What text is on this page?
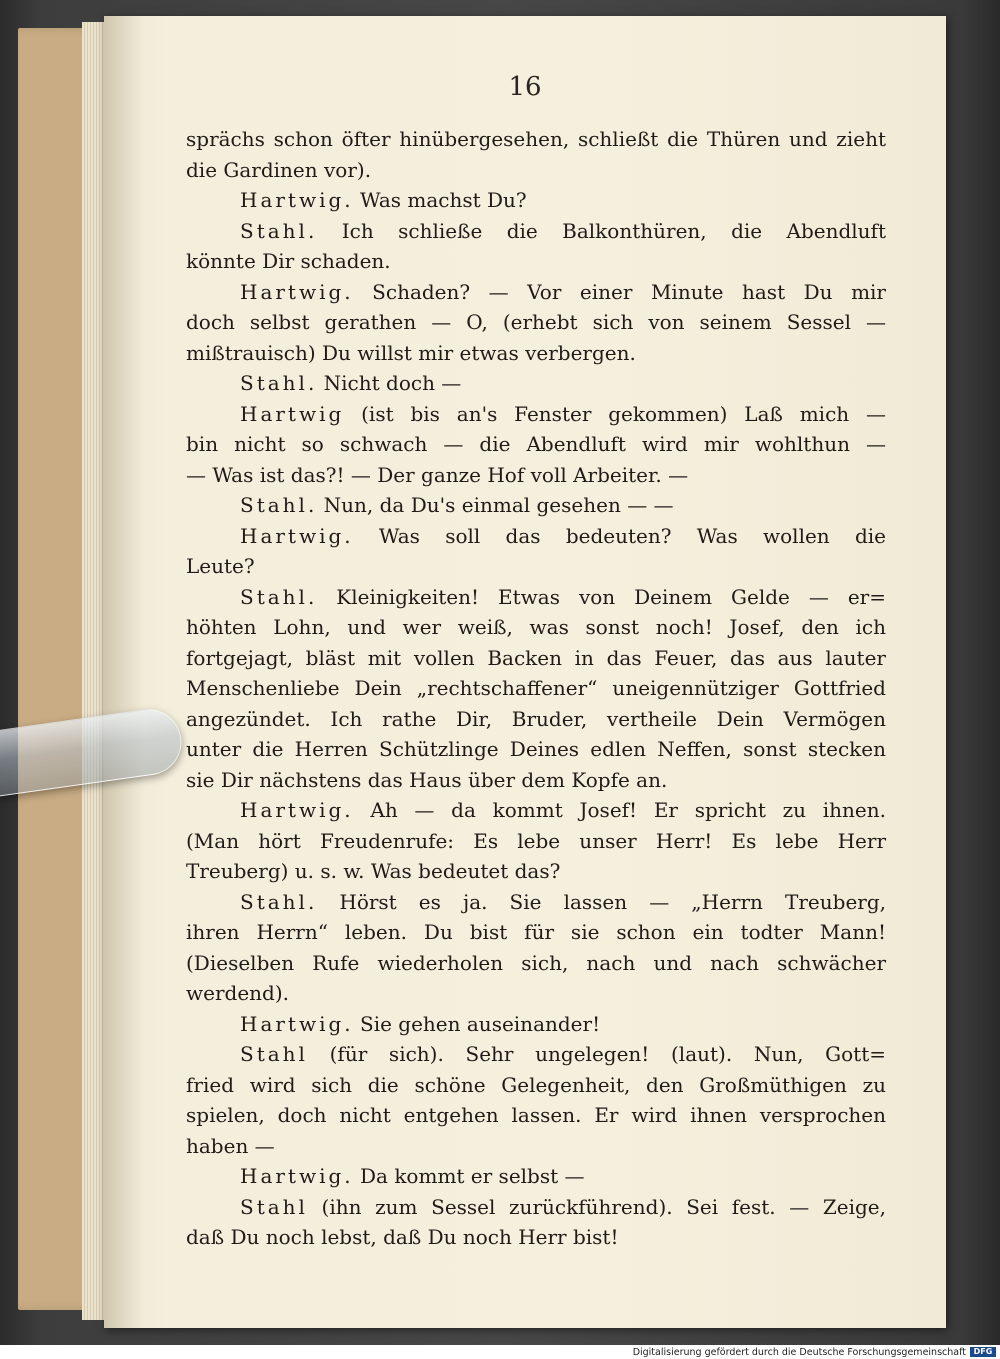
16
sprächs schon öfter hinübergesehen, schließt die Thüren und zieht
die Gardinen vor).
Hartwig. Was machst Du?
Stahl. Ich schließe die Balkonthüren, die Abendluft
könnte Dir schaden.
Hartwig. Schaden? — Vor einer Minute hast Du mir
doch selbst gerathen — O, (erhebt sich von seinem Sessel —
mißtrauisch) Du willst mir etwas verbergen.
Stahl. Nicht doch —
Hartwig (ist bis an's Fenster gekommen) Laß mich —
bin nicht so schwach — die Abendluft wird mir wohlthun —
— Was ist das?! — Der ganze Hof voll Arbeiter. —
Stahl. Nun, da Du's einmal gesehen — —
Hartwig. Was soll das bedeuten? Was wollen die
Leute?
Stahl. Kleinigkeiten! Etwas von Deinem Gelde — er=
höhten Lohn, und wer weiß, was sonst noch! Josef, den ich
fortgejagt, bläst mit vollen Backen in das Feuer, das aus lauter
Menschenliebe Dein „rechtschaffener“ uneigennütziger Gottfried
angezündet. Ich rathe Dir, Bruder, vertheile Dein Vermögen
unter die Herren Schützlinge Deines edlen Neffen, sonst stecken
sie Dir nächstens das Haus über dem Kopfe an.
Hartwig. Ah — da kommt Josef! Er spricht zu ihnen.
(Man hört Freudenrufe: Es lebe unser Herr! Es lebe Herr
Treuberg) u. s. w. Was bedeutet das?
Stahl. Hörst es ja. Sie lassen — „Herrn Treuberg,
ihren Herrn“ leben. Du bist für sie schon ein todter Mann!
(Dieselben Rufe wiederholen sich, nach und nach schwächer
werdend).
Hartwig. Sie gehen auseinander!
Stahl (für sich). Sehr ungelegen! (laut). Nun, Gott=
fried wird sich die schöne Gelegenheit, den Großmüthigen zu
spielen, doch nicht entgehen lassen. Er wird ihnen versprochen
haben —
Hartwig. Da kommt er selbst —
Stahl (ihn zum Sessel zurückführend). Sei fest. — Zeige,
daß Du noch lebst, daß Du noch Herr bist!
Digitalisierung gefördert durch die Deutsche Forschungsgemeinschaft DFG
